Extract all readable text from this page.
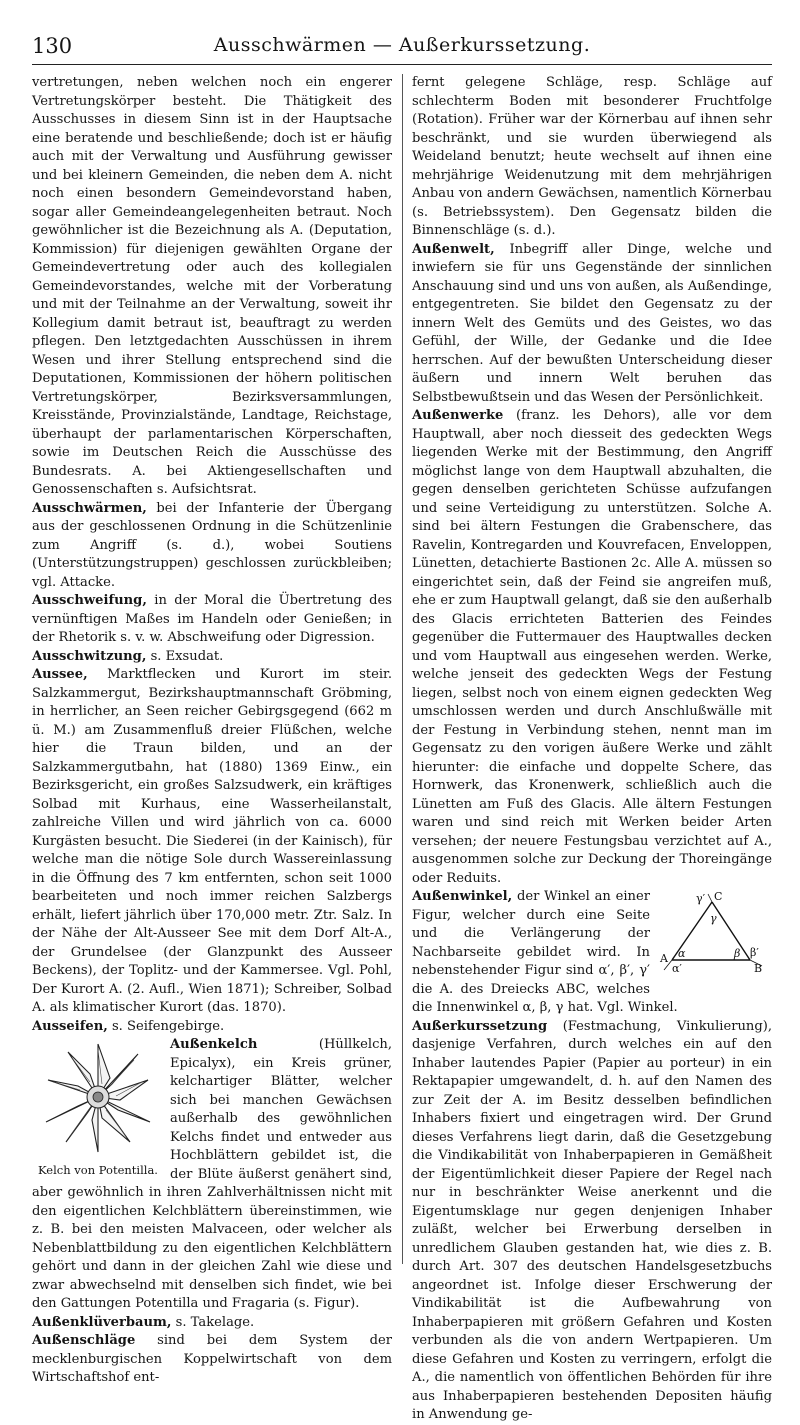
130	Ausschwärmen — Außerkurssetzung.

vertretungen, neben welchen noch ein engerer Vertretungskörper besteht. Die Thätigkeit des Ausschusses in diesem Sinn ist in der Hauptsache eine beratende und beschließende; doch ist er häufig auch mit der Verwaltung und Ausführung gewisser und bei kleinern Gemeinden, die neben dem A. nicht noch einen besondern Gemeindevorstand haben, sogar aller Gemeindeangelegenheiten betraut. Noch gewöhnlicher ist die Bezeichnung als A. (Deputation, Kommission) für diejenigen gewählten Organe der Gemeindevertretung oder auch des kollegialen Gemeindevorstandes, welche mit der Vorberatung und mit der Teilnahme an der Verwaltung, soweit ihr Kollegium damit betraut ist, beauftragt zu werden pflegen. Den letztgedachten Ausschüssen in ihrem Wesen und ihrer Stellung entsprechend sind die Deputationen, Kommissionen der höhern politischen Vertretungskörper, Bezirksversammlungen, Kreisstände, Provinzialstände, Landtage, Reichstage, überhaupt der parlamentarischen Körperschaften, sowie im Deutschen Reich die Ausschüsse des Bundesrats. A. bei Aktiengesellschaften und Genossenschaften s. Aufsichtsrat.

Ausschwärmen, bei der Infanterie der Übergang aus der geschlossenen Ordnung in die Schützenlinie zum Angriff (s. d.), wobei Soutiens (Unterstützungstruppen) geschlossen zurückbleiben; vgl. Attacke.

Ausschweifung, in der Moral die Übertretung des vernünftigen Maßes im Handeln oder Genießen; in der Rhetorik s. v. w. Abschweifung oder Digression.

Ausschwitzung, s. Exsudat.

Aussee, Marktflecken und Kurort im steir. Salzkammergut, Bezirkshauptmannschaft Gröbming, in herrlicher, an Seen reicher Gebirgsgegend (662 m ü. M.) am Zusammenfluß dreier Flüßchen, welche hier die Traun bilden, und an der Salzkammergutbahn, hat (1880) 1369 Einw., ein Bezirksgericht, ein großes Salzsudwerk, ein kräftiges Solbad mit Kurhaus, eine Wasserheilanstalt, zahlreiche Villen und wird jährlich von ca. 6000 Kurgästen besucht. Die Siederei (in der Kainisch), für welche man die nötige Sole durch Wassereinlassung in die Öffnung des 7 km entfernten, schon seit 1000 bearbeiteten und noch immer reichen Salzbergs erhält, liefert jährlich über 170,000 metr. Ztr. Salz. In der Nähe der Alt-Ausseer See mit dem Dorf Alt-A., der Grundelsee (der Glanzpunkt des Ausseer Beckens), der Toplitz- und der Kammersee. Vgl. Pohl, Der Kurort A. (2. Aufl., Wien 1871); Schreiber, Solbad A. als klimatischer Kurort (das. 1870).

Ausseifen, s. Seifengebirge.

Kelch von Potentilla.

Außenkelch (Hüllkelch, Epicalyx), ein Kreis grüner, kelchartiger Blätter, welcher sich bei manchen Gewächsen außerhalb des gewöhnlichen Kelchs findet und entweder aus Hochblättern gebildet ist, die der Blüte äußerst genähert sind, aber gewöhnlich in ihren Zahlverhältnissen nicht mit den eigentlichen Kelchblättern übereinstimmen, wie z. B. bei den meisten Malvaceen, oder welcher als Nebenblattbildung zu den eigentlichen Kelchblättern gehört und dann in der gleichen Zahl wie diese und zwar abwechselnd mit denselben sich findet, wie bei den Gattungen Potentilla und Fragaria (s. Figur).

Außenklüverbaum, s. Takelage.

Außenschläge sind bei dem System der mecklenburgischen Koppelwirtschaft von dem Wirtschaftshof ent-

fernt gelegene Schläge, resp. Schläge auf schlechterm Boden mit besonderer Fruchtfolge (Rotation). Früher war der Körnerbau auf ihnen sehr beschränkt, und sie wurden überwiegend als Weideland benutzt; heute wechselt auf ihnen eine mehrjährige Weidenutzung mit dem mehrjährigen Anbau von andern Gewächsen, namentlich Körnerbau (s. Betriebssystem). Den Gegensatz bilden die Binnenschläge (s. d.).

Außenwelt, Inbegriff aller Dinge, welche und inwiefern sie für uns Gegenstände der sinnlichen Anschauung sind und uns von außen, als Außendinge, entgegentreten. Sie bildet den Gegensatz zu der innern Welt des Gemüts und des Geistes, wo das Gefühl, der Wille, der Gedanke und die Idee herrschen. Auf der bewußten Unterscheidung dieser äußern und innern Welt beruhen das Selbstbewußtsein und das Wesen der Persönlichkeit.

Außenwerke (franz. les Dehors), alle vor dem Hauptwall, aber noch diesseit des gedeckten Wegs liegenden Werke mit der Bestimmung, den Angriff möglichst lange von dem Hauptwall abzuhalten, die gegen denselben gerichteten Schüsse aufzufangen und seine Verteidigung zu unterstützen. Solche A. sind bei ältern Festungen die Grabenschere, das Ravelin, Kontregarden und Kouvrefacen, Enveloppen, Lünetten, detachierte Bastionen 2c. Alle A. müssen so eingerichtet sein, daß der Feind sie angreifen muß, ehe er zum Hauptwall gelangt, daß sie den außerhalb des Glacis errichteten Batterien des Feindes gegenüber die Futtermauer des Hauptwalles decken und vom Hauptwall aus eingesehen werden. Werke, welche jenseit des gedeckten Wegs der Festung liegen, selbst noch von einem eignen gedeckten Weg umschlossen werden und durch Anschlußwälle mit der Festung in Verbindung stehen, nennt man im Gegensatz zu den vorigen äußere Werke und zählt hierunter: die einfache und doppelte Schere, das Hornwerk, das Kronenwerk, schließlich auch die Lünetten am Fuß des Glacis. Alle ältern Festungen waren und sind reich mit Werken beider Arten versehen; der neuere Festungsbau verzichtet auf A., ausgenommen solche zur Deckung der Thoreingänge oder Reduits.

C
γ′
γ
A α
α′
β β′
B

Außenwinkel, der Winkel an einer Figur, welcher durch eine Seite und die Verlängerung der Nachbarseite gebildet wird. In nebenstehender Figur sind α′, β′, γ′ die A. des Dreiecks ABC, welches die Innenwinkel α, β, γ hat. Vgl. Winkel.

Außerkurssetzung (Festmachung, Vinkulierung), dasjenige Verfahren, durch welches ein auf den Inhaber lautendes Papier (Papier au porteur) in ein Rektapapier umgewandelt, d. h. auf den Namen des zur Zeit der A. im Besitz desselben befindlichen Inhabers fixiert und eingetragen wird. Der Grund dieses Verfahrens liegt darin, daß die Gesetzgebung die Vindikabilität von Inhaberpapieren in Gemäßheit der Eigentümlichkeit dieser Papiere der Regel nach nur in beschränkter Weise anerkennt und die Eigentumsklage nur gegen denjenigen Inhaber zuläßt, welcher bei Erwerbung derselben in unredlichem Glauben gestanden hat, wie dies z. B. durch Art. 307 des deutschen Handelsgesetzbuchs angeordnet ist. Infolge dieser Erschwerung der Vindikabilität ist die Aufbewahrung von Inhaberpapieren mit größern Gefahren und Kosten verbunden als die von andern Wertpapieren. Um diese Gefahren und Kosten zu verringern, erfolgt die A., die namentlich von öffentlichen Behörden für ihre aus Inhaberpapieren bestehenden Depositen häufig in Anwendung ge-
